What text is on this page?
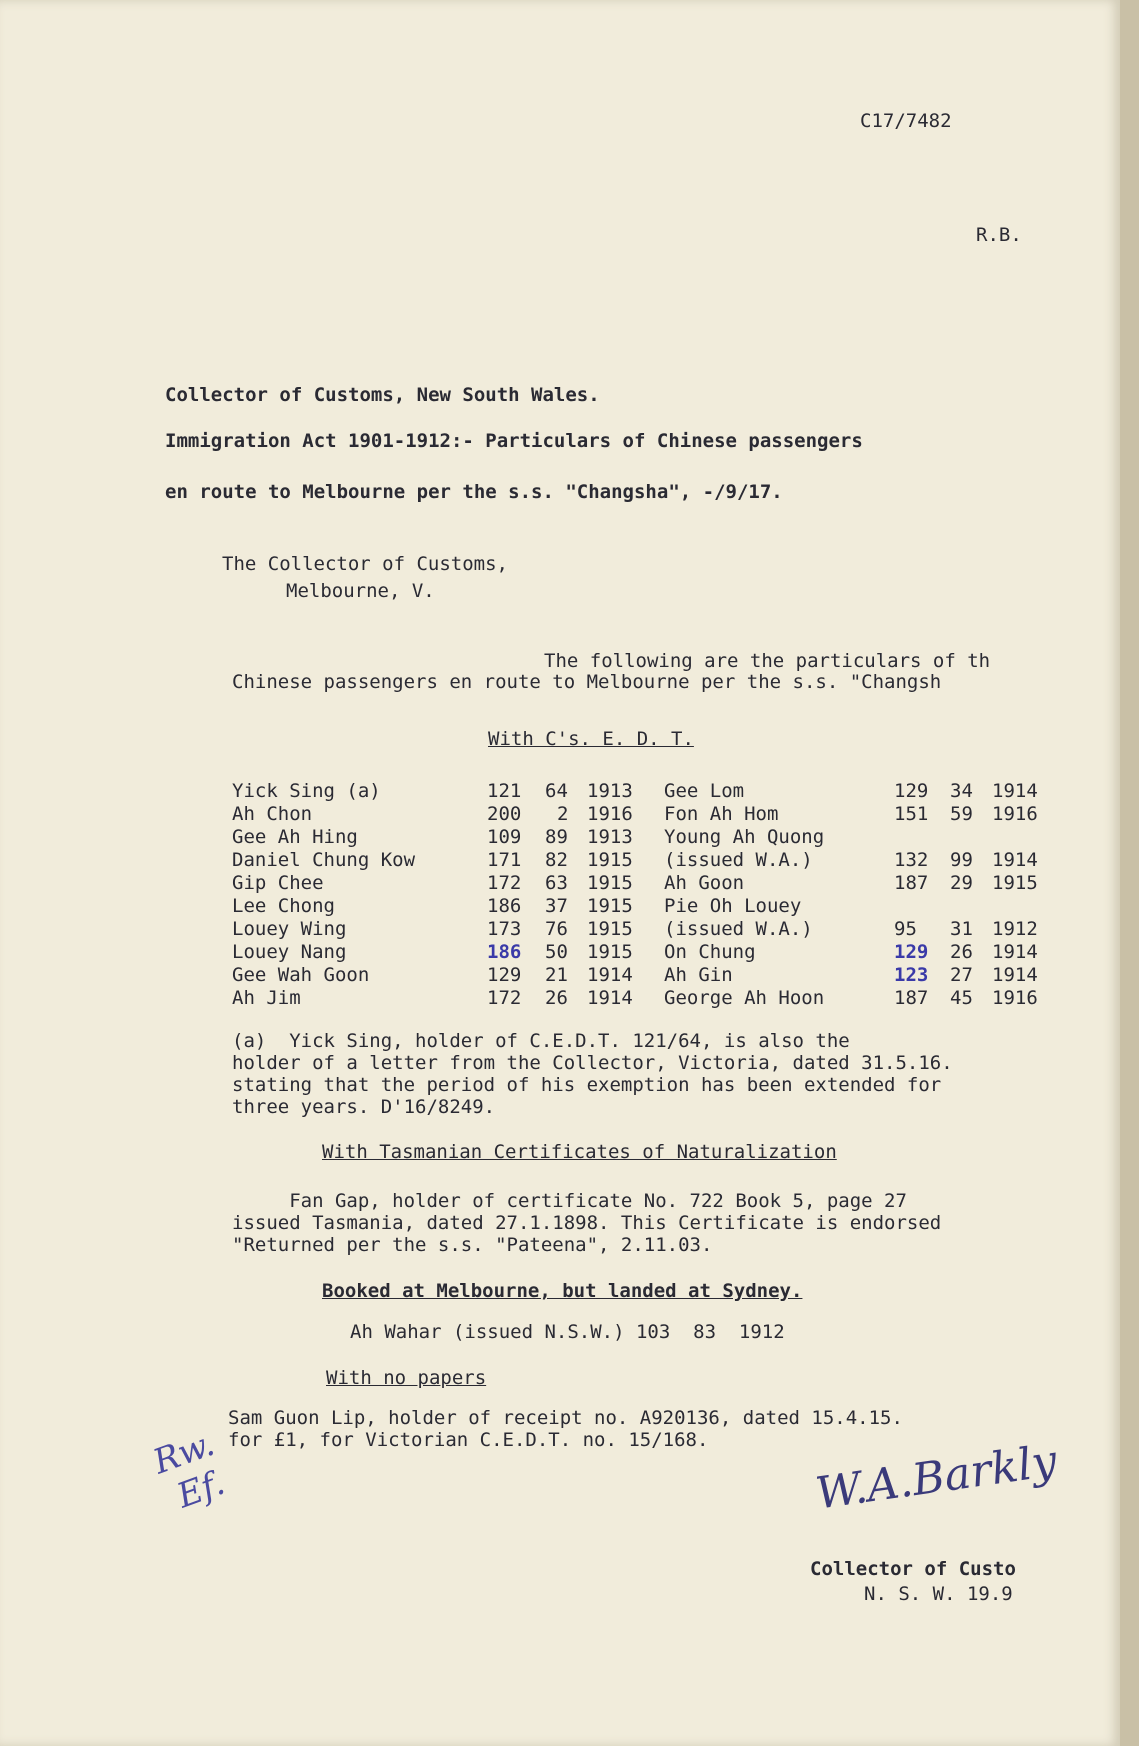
C17/7482
R.B.
Collector of Customs, New South Wales.
Immigration Act 1901-1912:- Particulars of Chinese passengers
en route to Melbourne per the s.s. "Changsha", -/9/17.
The Collector of Customs,
Melbourne, V.
The following are the particulars of th
Chinese passengers en route to Melbourne per the s.s. "Changsh
With C's. E. D. T.
Yick Sing (a)	121 64 1913 Gee Lom	129 34 1914
Ah Chon	200 2 1916 Fon Ah Hom	151 59 1916
Gee Ah Hing	109 89 1913 Young Ah Quong
Daniel Chung Kow	171 82 1915 (issued W.A.)	132 99 1914
Gip Chee	172 63 1915 Ah Goon	187 29 1915
Lee Chong	186 37 1915 Pie Oh Louey
Louey Wing	173 76 1915 (issued W.A.)	95 31 1912
Louey Nang	186 50 1915 On Chung	129 26 1914
Gee Wah Goon	129 21 1914 Ah Gin	123 27 1914
Ah Jim	172 26 1914 George Ah Hoon	187 45 1916
(a)  Yick Sing, holder of C.E.D.T. 121/64, is also the
holder of a letter from the Collector, Victoria, dated 31.5.16.
stating that the period of his exemption has been extended for
three years. D'16/8249.
With Tasmanian Certificates of Naturalization
Fan Gap, holder of certificate No. 722 Book 5, page 27
issued Tasmania, dated 27.1.1898. This Certificate is endorsed
"Returned per the s.s. "Pateena", 2.11.03.
Booked at Melbourne, but landed at Sydney.
Ah Wahar (issued N.S.W.) 103  83  1912
With no papers
Sam Guon Lip, holder of receipt no. A920136, dated 15.4.15.
for £1, for Victorian C.E.D.T. no. 15/168.
Rw.
Ef.	W.A.Barkly
Collector of Custo
N. S. W. 19.9
